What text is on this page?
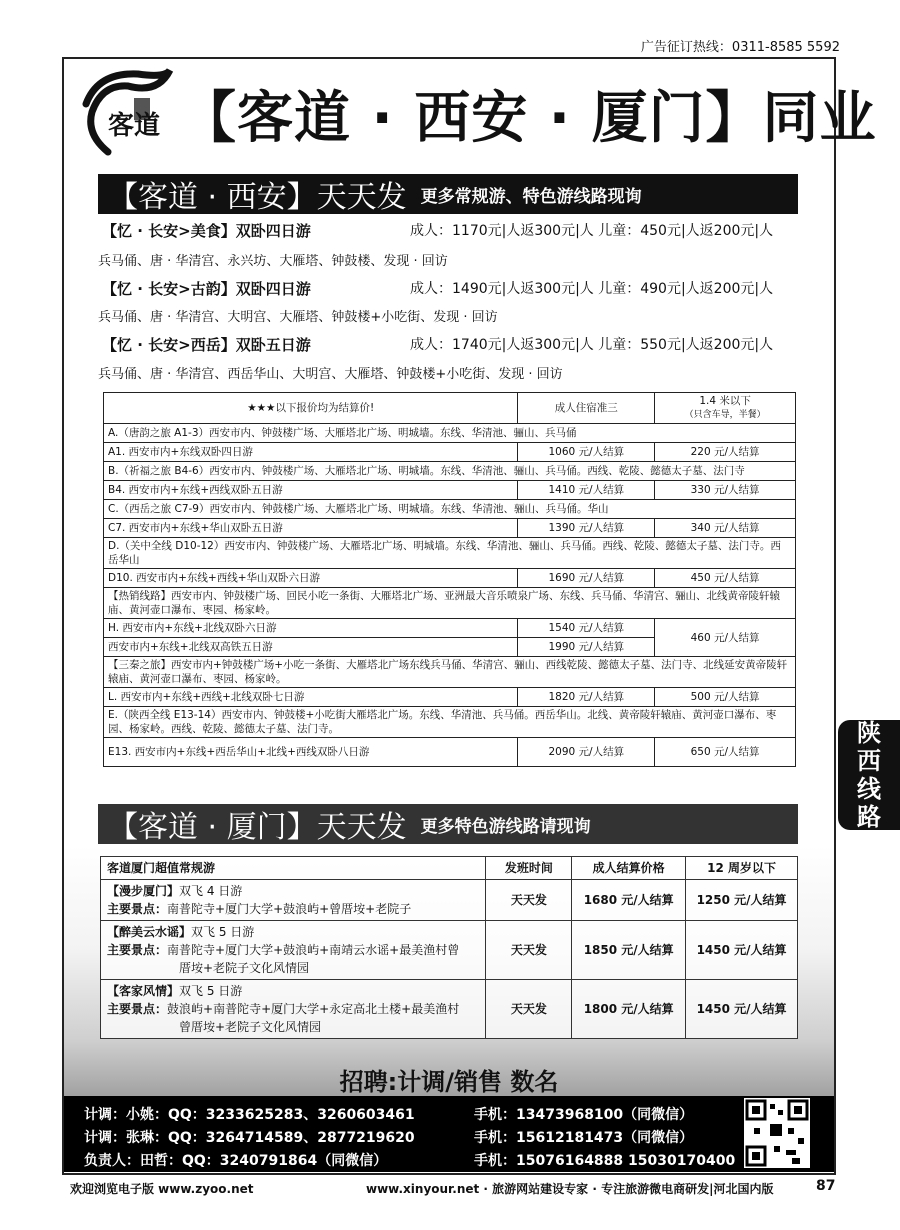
广告征订热线：0311-8585 5592
客道 【客道 · 西安 · 厦门】同业
【客道 · 西安】天天发 更多常规游、特色游线路现询
【忆 · 长安>美食】双卧四日游	成人：1170元|人返300元|人 儿童：450元|人返200元|人
兵马俑、唐 · 华清宫、永兴坊、大雁塔、钟鼓楼、发现 · 回访
【忆 · 长安>古韵】双卧四日游	成人：1490元|人返300元|人 儿童：490元|人返200元|人
兵马俑、唐 · 华清宫、大明宫、大雁塔、钟鼓楼+小吃街、发现 · 回访
【忆 · 长安>西岳】双卧五日游	成人：1740元|人返300元|人 儿童：550元|人返200元|人
兵马俑、唐 · 华清宫、西岳华山、大明宫、大雁塔、钟鼓楼+小吃街、发现 · 回访
★★★以下报价均为结算价!	成人住宿准三	1.4 米以下
（只含车导，半餐）

A.（唐韵之旅 A1-3）西安市内、钟鼓楼广场、大雁塔北广场、明城墙。东线、华清池、骊山、兵马俑		
A1. 西安市内+东线双卧四日游	1060 元/人结算	220 元/人结算
B.（祈福之旅 B4-6）西安市内、钟鼓楼广场、大雁塔北广场、明城墙。东线、华清池、骊山、兵马俑。西线、乾陵、懿德太子墓、法门寺		
B4. 西安市内+东线+西线双卧五日游	1410 元/人结算	330 元/人结算
C.（西岳之旅 C7-9）西安市内、钟鼓楼广场、大雁塔北广场、明城墙。东线、华清池、骊山、兵马俑。华山		
C7. 西安市内+东线+华山双卧五日游	1390 元/人结算	340 元/人结算
D.（关中全线 D10-12）西安市内、钟鼓楼广场、大雁塔北广场、明城墙。东线、华清池、骊山、兵马俑。西线、乾陵、懿德太子墓、法门寺。西岳华山		
D10. 西安市内+东线+西线+华山双卧六日游	1690 元/人结算	450 元/人结算
【热销线路】西安市内、钟鼓楼广场、回民小吃一条街、大雁塔北广场、亚洲最大音乐喷泉广场、东线、兵马俑、华清宫、骊山、北线黄帝陵轩辕庙、黄河壶口瀑布、枣园、杨家岭。		
H. 西安市内+东线+北线双卧六日游	1540 元/人结算	460 元/人结算
西安市内+东线+北线双高铁五日游	1990 元/人结算	
【三秦之旅】西安市内+钟鼓楼广场+小吃一条街、大雁塔北广场东线兵马俑、华清宫、骊山、西线乾陵、懿德太子墓、法门寺、北线延安黄帝陵轩辕庙、黄河壶口瀑布、枣园、杨家岭。		
L. 西安市内+东线+西线+北线双卧七日游	1820 元/人结算	500 元/人结算
E.（陕西全线 E13-14）西安市内、钟鼓楼+小吃街大雁塔北广场。东线、华清池、兵马俑。西岳华山。北线、黄帝陵轩辕庙、黄河壶口瀑布、枣园、杨家岭。西线、乾陵、懿德太子墓、法门寺。		
E13. 西安市内+东线+西岳华山+北线+西线双卧八日游	2090 元/人结算	650 元/人结算
陕
西
线
路
【客道 · 厦门】天天发 更多特色游线路请现询
客道厦门超值常规游	发班时间	成人结算价格	12 周岁以下

【漫步厦门】双飞 4 日游
主要景点：南普陀寺+厦门大学+鼓浪屿+曾厝垵+老院子	天天发	1680 元/人结算	1250 元/人结算

【醉美云水谣】双飞 5 日游
主要景点：南普陀寺+厦门大学+鼓浪屿+南靖云水谣+最美渔村曾
厝垵+老院子文化风情园	天天发	1850 元/人结算	1450 元/人结算

【客家风情】双飞 5 日游
主要景点：鼓浪屿+南普陀寺+厦门大学+永定高北土楼+最美渔村
曾厝垵+老院子文化风情园	天天发	1800 元/人结算	1450 元/人结算
招聘:计调/销售 数名
计调：小姚：QQ：3233625283、3260603461	手机：13473968100（同微信）
计调：张琳：QQ：3264714589、2877219620	手机：15612181473（同微信）
负责人：田哲：QQ：3240791864（同微信）	手机：15076164888 15030170400
欢迎浏览电子版 www.zyoo.net	www.xinyour.net · 旅游网站建设专家 · 专注旅游微电商研发|河北国内版	87
